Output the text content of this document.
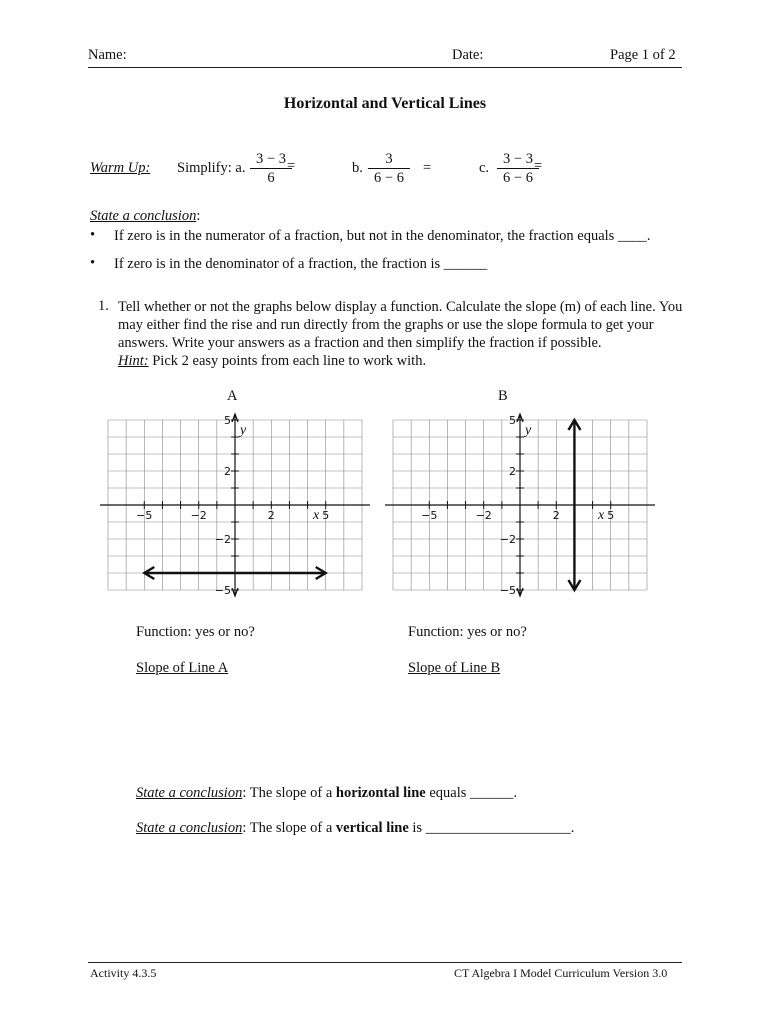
Name:	Date:	Page 1 of 2
Horizontal and Vertical Lines
Warm Up: Simplify: a. $\frac{3 - 3}{6}$
=	b. $\frac{3}{6 - 6}$ =	c. $\frac{3 - 3}{6 - 6}$
=
State a conclusion:
• If zero is in the numerator of a fraction, but not in the denominator, the fraction equals ____.
• If zero is in the denominator of a fraction, the fraction is ______
1. Tell whether or not the graphs below display a function. Calculate the slope (m) of each line. You may either find the rise and run directly from the graphs or use the slope formula to get your answers. Write your answers as a fraction and then simplify the fraction if possible.
Hint: Pick 2 easy points from each line to work with.
A	B
−5	−2	2	5
5
2
−2
−5
x
y
−5	−2	2	5
5
2
−2
−5
x
y
Function: yes or no?
Slope of Line A
Function: yes or no?
Slope of Line B
State a conclusion: The slope of a horizontal line equals ______.
State a conclusion: The slope of a vertical line is ____________________.
Activity 4.3.5	CT Algebra I Model Curriculum Version 3.0
